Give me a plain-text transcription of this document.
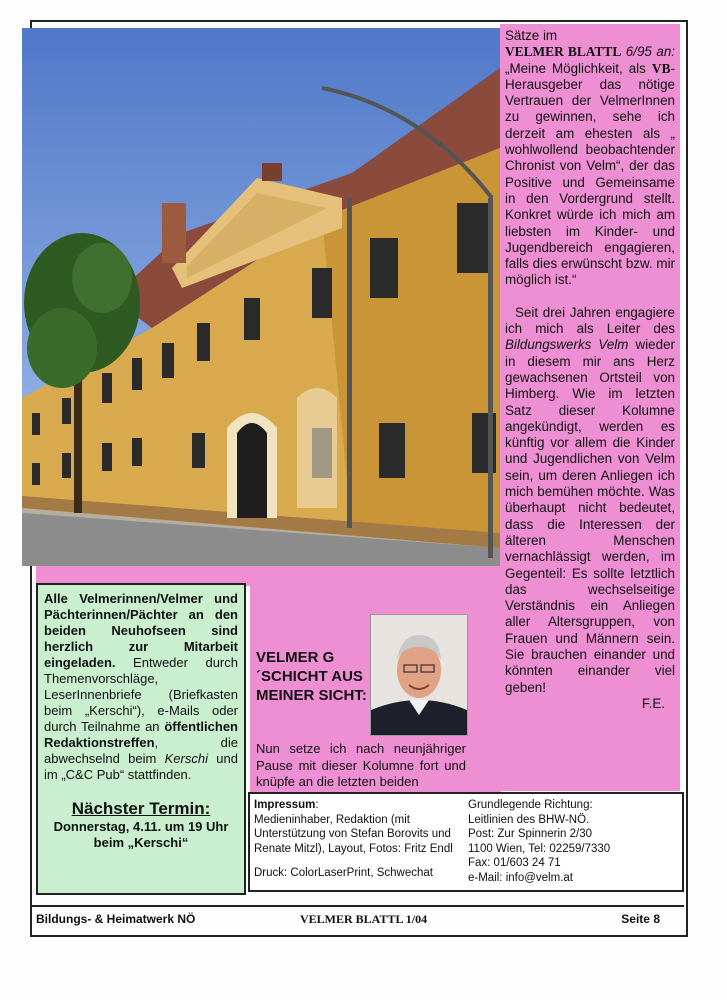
Sätze im
VELMER BLATTL 6/95 an: „Meine Möglichkeit, als VB-Herausgeber das nötige Vertrauen der VelmerInnen zu gewinnen, sehe ich derzeit am ehesten als „ wohlwollend beobachtender Chronist von Velm“, der das Positive und Gemeinsame in den Vordergrund stellt. Konkret würde ich mich am liebsten im Kinder- und Jugendbereich engagieren, falls dies erwünscht bzw. mir möglich ist.“

Seit drei Jahren engagiere ich mich als Leiter des Bildungswerks Velm wieder in diesem mir ans Herz gewachsenen Ortsteil von Himberg. Wie im letzten Satz dieser Kolumne angekündigt, werden es künftig vor allem die Kinder und Jugendlichen von Velm sein, um deren Anliegen ich mich bemühen möchte. Was überhaupt nicht bedeutet, dass die Interessen der älteren Menschen vernachlässigt werden, im Gegenteil: Es sollte letztlich das wechselseitige Verständnis ein Anliegen aller Altersgruppen, von Frauen und Männern sein. Sie brauchen einander und könnten einander viel geben!

F.E.

Alle Velmerinnen/Velmer und Pächterinnen/Pächter an den beiden Neuhofseen sind herzlich zur Mitarbeit eingeladen. Entweder durch Themenvorschläge, LeserInnenbriefe (Briefkasten beim „Kerschi“), e-Mails oder durch Teilnahme an öffentlichen Redaktionstreffen, die abwechselnd beim Kerschi und im „C&C Pub“ stattfinden.

Nächster Termin:

Donnerstag, 4.11. um 19 Uhr

beim „Kerschi“

VELMER G´SCHICHT AUS MEINER SICHT:
Nun setze ich nach neunjähriger Pause mit dieser Kolumne fort und knüpfe an die letzten beiden
Impressum:
Medieninhaber, Redaktion (mit Unterstützung von Stefan Borovits und Renate Mitzl), Layout, Fotos: Fritz Endl
Druck: ColorLaserPrint, Schwechat
Grundlegende Richtung:
Leitlinien des BHW-NÖ.
Post: Zur Spinnerin 2/30
1100 Wien, Tel: 02259/7330
Fax: 01/603 24 71
e-Mail: info@velm.at
Bildungs- & Heimatwerk NÖ	VELMER BLATTL 1/04	Seite 8
